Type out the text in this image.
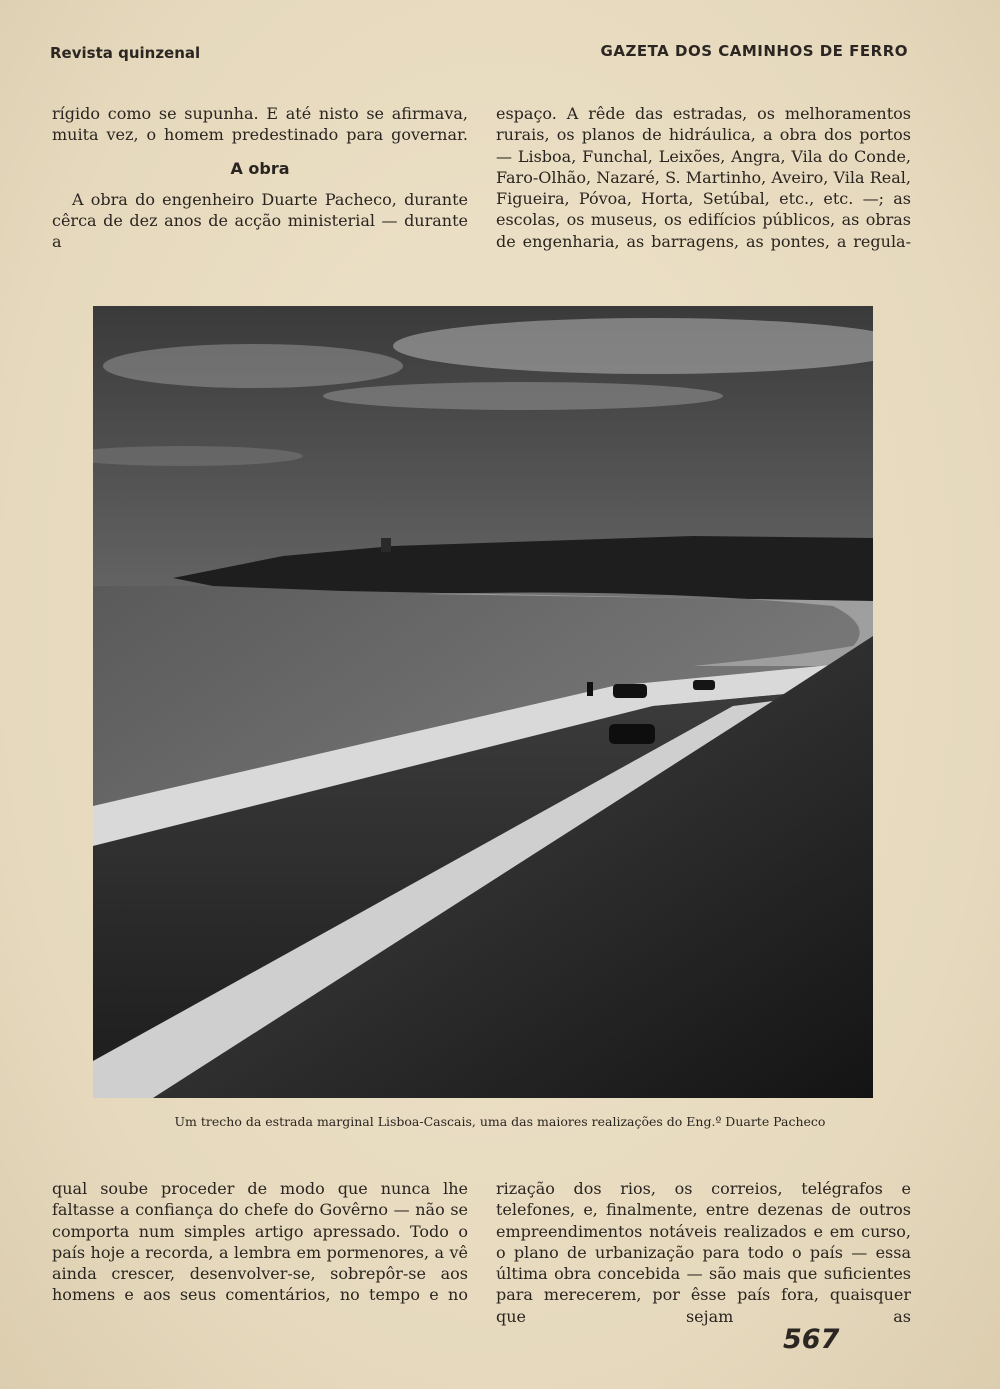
Revista quinzenal	GAZETA DOS CAMINHOS DE FERRO

rígido como se supunha. E até nisto se afirmava,

muita vez, o homem predestinado para governar.

A obra

A obra do engenheiro Duarte Pacheco, durante cêrca de dez anos de acção ministerial — durante a

espaço. A rêde das estradas, os melhoramentos rurais, os planos de hidráulica, a obra dos portos — Lisboa, Funchal, Leixões, Angra, Vila do Conde, Faro-Olhão, Nazaré, S. Martinho, Aveiro, Vila Real, Figueira, Póvoa, Horta, Setúbal, etc., etc. —; as escolas, os museus, os edifícios públicos, as obras de engenharia, as barragens, as pontes, a regula-

Um trecho da estrada marginal Lisboa-Cascais, uma das maiores realizações do Eng.º Duarte Pacheco

qual soube proceder de modo que nunca lhe faltasse a confiança do chefe do Govêrno — não se comporta num simples artigo apressado. Todo o país hoje a recorda, a lembra em pormenores, a vê ainda crescer, desenvolver-se, sobrepôr-se aos homens e aos seus comentários, no tempo e no

rização dos rios, os correios, telégrafos e telefones, e, finalmente, entre dezenas de outros empreendimentos notáveis realizados e em curso, o plano de urbanização para todo o país — essa última obra concebida — são mais que suficientes para merecerem, por êsse país fora, quaisquer que sejam as

567
